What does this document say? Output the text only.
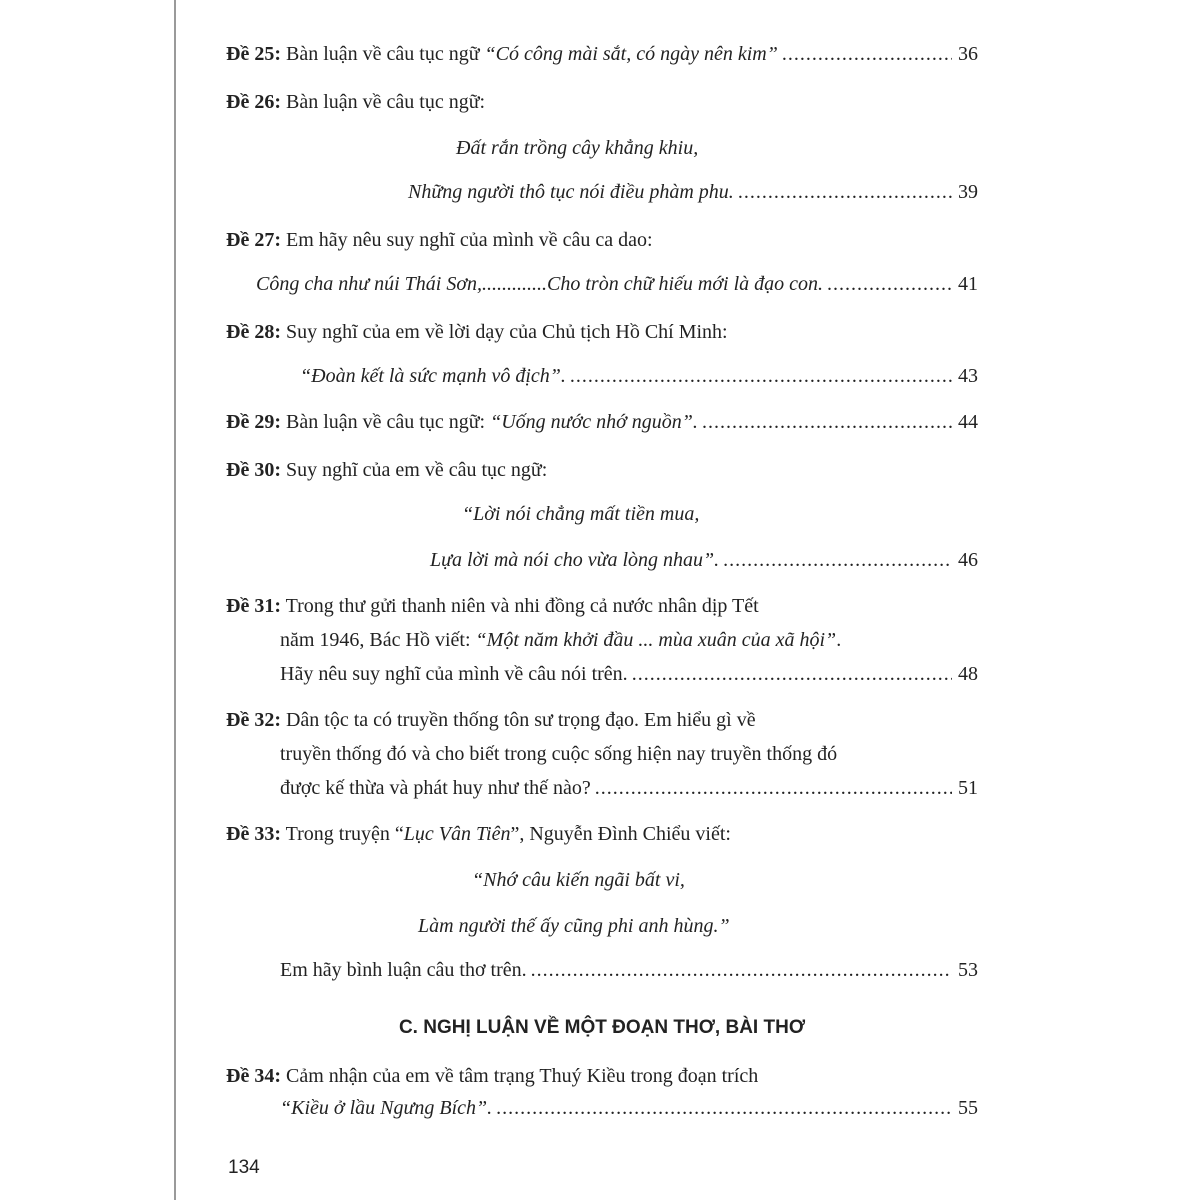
Đề 25: Bàn luận về câu tục ngữ “Có công mài sắt, có ngày nên kim” .....	36
Đề 26: Bàn luận về câu tục ngữ:
Đất rắn trồng cây khẳng khiu,
Những người thô tục nói điều phàm phu. .....	39
Đề 27: Em hãy nêu suy nghĩ của mình về câu ca dao:
Công cha như núi Thái Sơn,.............Cho tròn chữ hiếu mới là đạo con. .....	41
Đề 28: Suy nghĩ của em về lời dạy của Chủ tịch Hồ Chí Minh:
“Đoàn kết là sức mạnh vô địch”. .....	43
Đề 29: Bàn luận về câu tục ngữ: “Uống nước nhớ nguồn”. .....	44
Đề 30: Suy nghĩ của em về câu tục ngữ:
“Lời nói chẳng mất tiền mua,
Lựa lời mà nói cho vừa lòng nhau”. .....	46
Đề 31: Trong thư gửi thanh niên và nhi đồng cả nước nhân dịp Tết
năm 1946, Bác Hồ viết: “Một năm khởi đầu ... mùa xuân của xã hội”.
Hãy nêu suy nghĩ của mình về câu nói trên. .....	48
Đề 32: Dân tộc ta có truyền thống tôn sư trọng đạo. Em hiểu gì về
truyền thống đó và cho biết trong cuộc sống hiện nay truyền thống đó
được kế thừa và phát huy như thế nào? .....	51
Đề 33: Trong truyện “Lục Vân Tiên”, Nguyễn Đình Chiểu viết:
“Nhớ câu kiến ngãi bất vi,
Làm người thế ấy cũng phi anh hùng.”
Em hãy bình luận câu thơ trên. .....	53
C. NGHỊ LUẬN VỀ MỘT ĐOẠN THƠ, BÀI THƠ
Đề 34: Cảm nhận của em về tâm trạng Thuý Kiều trong đoạn trích
“Kiều ở lầu Ngưng Bích”. .....	55
134
